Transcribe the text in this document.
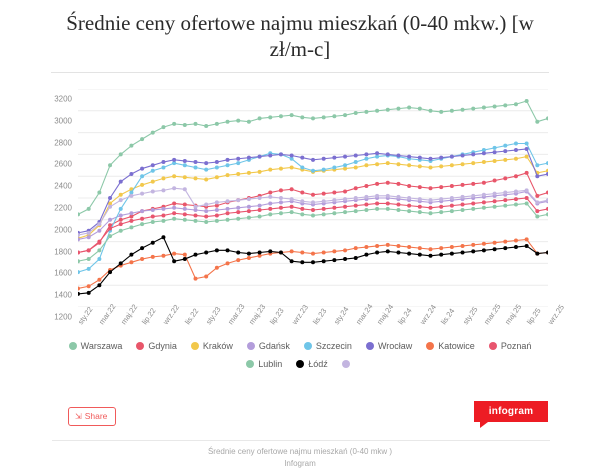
Średnie ceny ofertowe najmu mieszkań (0-40 mkw.) [w zł/m-c]
1200
1400
1600
1800
2000
2200
2400
2600
2800
3000
3200
sty.22 mar.22 maj.22 lip.22 wrz.22 lis.22 sty.23 mar.23 maj.23 lip.23 wrz.23 lis.23 sty.24 mar.24 maj.24 lip.24 wrz.24 lis.24 sty.25 mar.25 maj.25 lip.25 wrz.25
Warszawa	Gdynia	Kraków	Gdańsk	Szczecin	Wrocław	Katowice	Poznań
Lublin	Łódź
⇲ Share	infogram
Średnie ceny ofertowe najmu mieszkań (0-40 mkw )
Infogram
